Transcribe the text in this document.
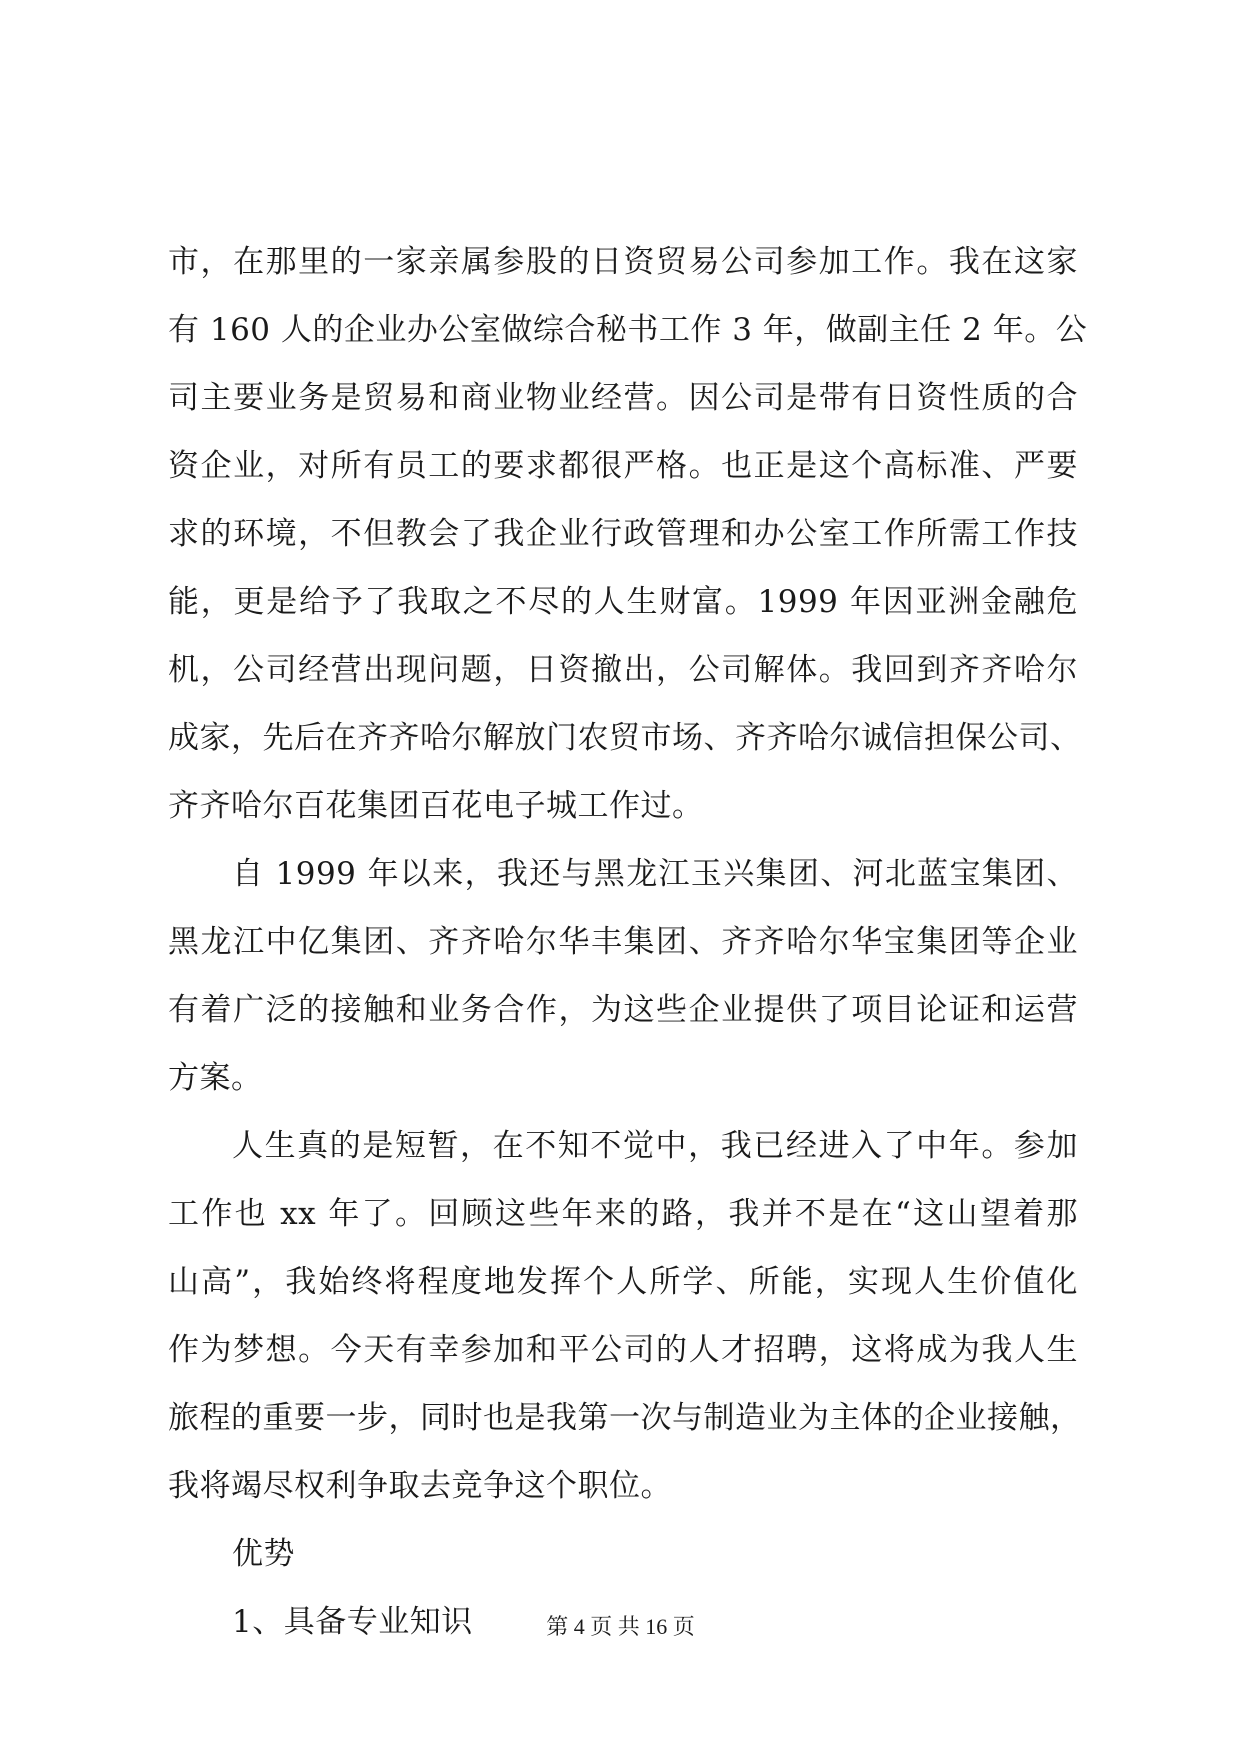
市，在那里的一家亲属参股的日资贸易公司参加工作。我在这家
有 160 人的企业办公室做综合秘书工作 3 年，做副主任 2 年。公
司主要业务是贸易和商业物业经营。因公司是带有日资性质的合
资企业，对所有员工的要求都很严格。也正是这个高标准、严要
求的环境，不但教会了我企业行政管理和办公室工作所需工作技
能，更是给予了我取之不尽的人生财富。1999 年因亚洲金融危
机，公司经营出现问题，日资撤出，公司解体。我回到齐齐哈尔
成家，先后在齐齐哈尔解放门农贸市场、齐齐哈尔诚信担保公司、
齐齐哈尔百花集团百花电子城工作过。
自 1999 年以来，我还与黑龙江玉兴集团、河北蓝宝集团、
黑龙江中亿集团、齐齐哈尔华丰集团、齐齐哈尔华宝集团等企业
有着广泛的接触和业务合作，为这些企业提供了项目论证和运营
方案。
人生真的是短暂，在不知不觉中，我已经进入了中年。参加
工作也 xx 年了。回顾这些年来的路，我并不是在“这山望着那
山高”，我始终将程度地发挥个人所学、所能，实现人生价值化
作为梦想。今天有幸参加和平公司的人才招聘，这将成为我人生
旅程的重要一步，同时也是我第一次与制造业为主体的企业接触，
我将竭尽权利争取去竞争这个职位。
优势
1、具备专业知识	第 4 页 共 16 页
